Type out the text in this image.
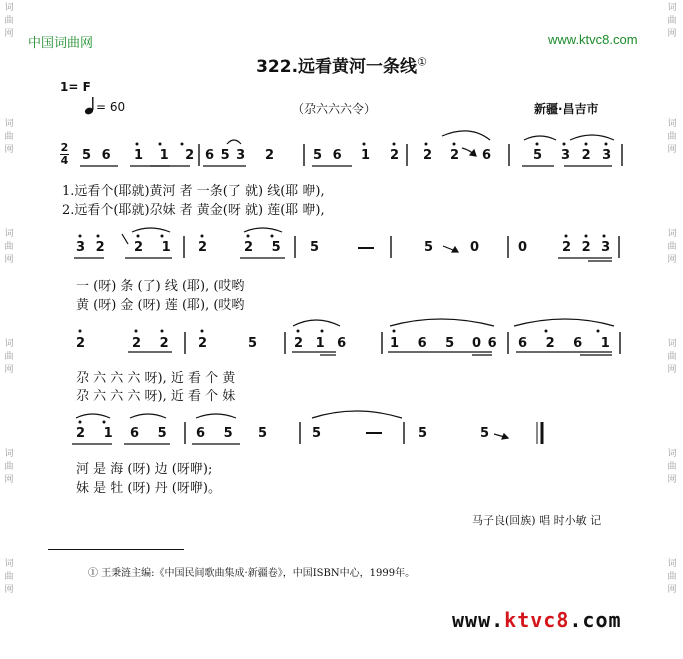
词
曲
网
词
曲
网
词
曲
网
词
曲
网
词
曲
网
词
曲
网
词
曲
网
词
曲
网
词
曲
网
词
曲
网
词
曲
网
词
曲
网
中国词曲网	www.ktvc8.com
322.远看黄河一条线①
1= F
= 60	（尕六六六令）	新疆·昌吉市
2
4 5 6 1 1 2 6 5 3 2	5 6 1 2 2 2 6	5 3 2 3
1.远看个(耶就)黄河 者 一条(了 就) 线(耶 咿),
2.远看个(耶就)尕妹 者 黄金(呀 就) 莲(耶 咿),
3 2 2 1 2	2 5 5	5	0	0	2 2 3
一 (呀) 条 (了) 线 (耶), (哎哟
黄 (呀) 金 (呀) 莲 (耶), (哎哟
2	2 2 2	5	2 1 6	1 6 5 0 6 6 2 6 1
尕 六 六 六 呀), 近 看 个 黄
尕 六 六 六 呀), 近 看 个 妹
2 1 6 5 6 5 5	5	5	5
河 是 海 (呀) 边 (呀咿);
妹 是 牡 (呀) 丹 (呀咿)。
马子良(回族) 唱 时小敏 记
① 王秉涟主编:《中国民间歌曲集成·新疆卷》，中国ISBN中心，1999年。
www.ktvc8.com
